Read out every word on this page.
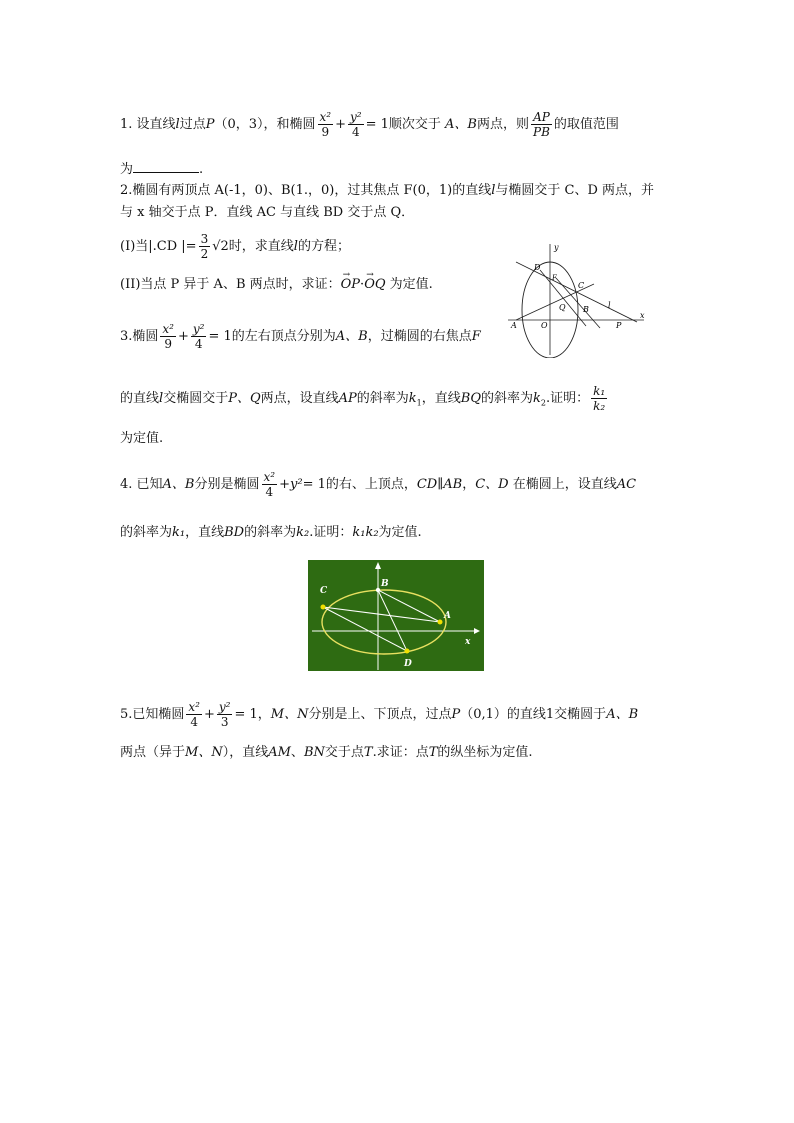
1. 设直线l过点P（0，3），和椭圆 $\frac{\text{x²}}{9} + \frac{\text{y²}}{4} = 1$顺次交于 A、B两点，则 $\frac{AP}{PB}$ 的取值范围
为	.
2.椭圆有两顶点 A(-1，0)、B(1.，0)，过其焦点 F(0，1)的直线l与椭圆交于 C、D 两点，并
与 x 轴交于点 P．直线 AC 与直线 BD 交于点 Q．
(I)当|.CD |= $\frac{3}{2} √2$时，求直线l的方程；
(II)当点 P 异于 A、B 两点时，求证：→ OP·→ OQ 为定值.
y
x
D
F
C
Q B l
A	O	P
3.椭圆 $\frac{\text{x²}}{9} + \frac{\text{y²}}{4} = 1$的左右顶点分别为A、B，过椭圆的右焦点F
的直线l交椭圆交于P、Q两点，设直线AP的斜率为$k_1$，直线BQ的斜率为$k_2$.证明： $\frac{\text{k₁}}{\text{k₂}}$
为定值.
4. 已知A、B分别是椭圆 $\frac{\text{x²}}{4} +y^2= 1$的右、上顶点，CD∥AB，C、D 在椭圆上，设直线AC
的斜率为k₁，直线BD的斜率为k₂.证明：k₁k₂为定值.
B
C
A
D
x
5.已知椭圆 $\frac{\text{x²}}{4} + \frac{\text{y²}}{3} = 1$，M、N分别是上、下顶点，过点P（0,1）的直线1交椭圆于A、B
两点（异于M、N），直线AM、BN交于点T.求证：点T的纵坐标为定值.
